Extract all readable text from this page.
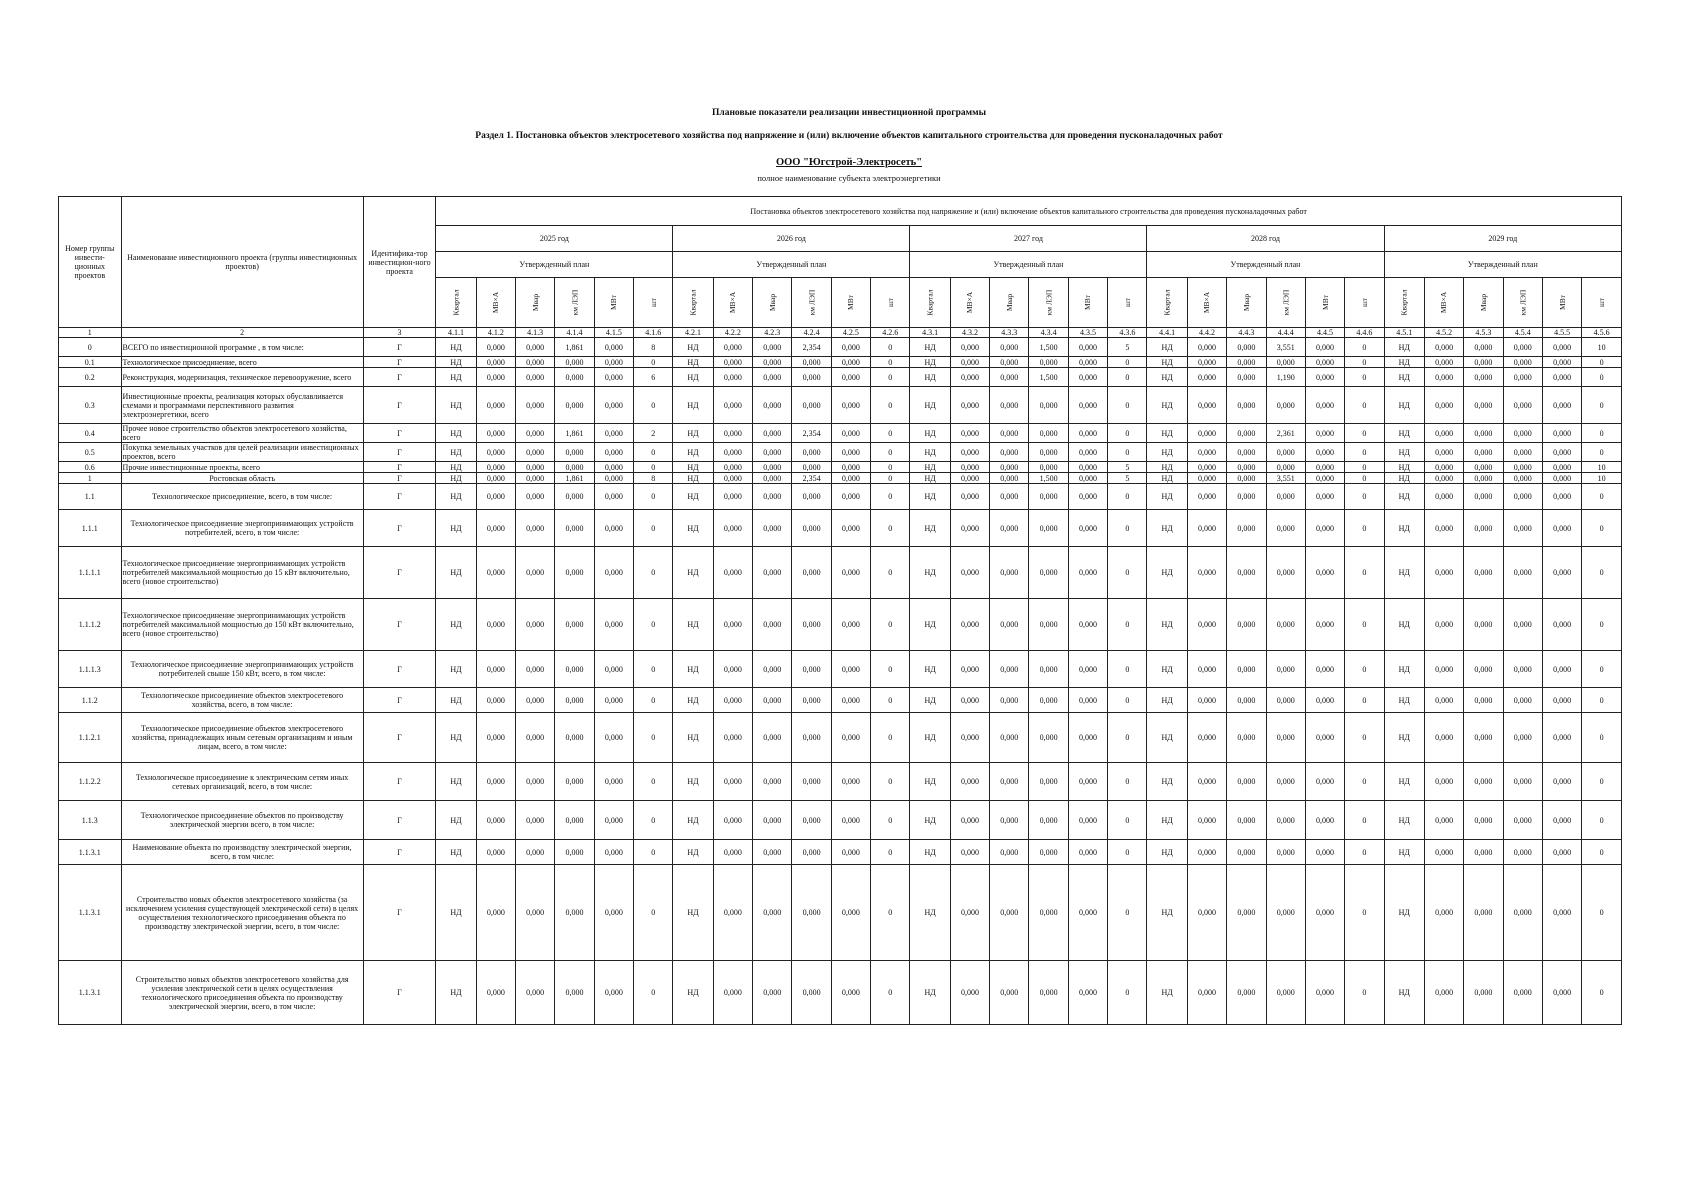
Плановые показатели реализации инвестиционной программы
Раздел 1. Постановка объектов электросетевого хозяйства под напряжение и (или) включение объектов капитального строительства для проведения пусконаладочных работ
ООО "Югстрой-Электросеть"
полное наименование субъекта электроэнергетики
Номер группы инвести-ционных проектов	Наименование инвестиционного проекта (группы инвестиционных проектов)	Идентифика-тор инвестицион-ного проекта	Постановка объектов электросетевого хозяйства под напряжение и (или) включение объектов капитального строительства для проведения пусконаладочных работ																													
			2025 год						2026 год						2027 год						2028 год						2029 год					
			Утвержденный план						Утвержденный план						Утвержденный план						Утвержденный план						Утвержденный план					
			Квартал	МВ×А	Мвар	км ЛЭП	МВт	шт	Квартал	МВ×А	Мвар	км ЛЭП	МВт	шт	Квартал	МВ×А	Мвар	км ЛЭП	МВт	шт	Квартал	МВ×А	Мвар	км ЛЭП	МВт	шт	Квартал	МВ×А	Мвар	км ЛЭП	МВт	шт
1	2	3	4.1.1	4.1.2	4.1.3	4.1.4	4.1.5	4.1.6	4.2.1	4.2.2	4.2.3	4.2.4	4.2.5	4.2.6	4.3.1	4.3.2	4.3.3	4.3.4	4.3.5	4.3.6	4.4.1	4.4.2	4.4.3	4.4.4	4.4.5	4.4.6	4.5.1	4.5.2	4.5.3	4.5.4	4.5.5	4.5.6
0	ВСЕГО по инвестиционной программе , в том числе:	Г	НД	0,000	0,000	1,861	0,000	8	НД	0,000	0,000	2,354	0,000	0	НД	0,000	0,000	1,500	0,000	5	НД	0,000	0,000	3,551	0,000	0	НД	0,000	0,000	0,000	0,000	10
0.1	Технологическое присоединение, всего	Г	НД	0,000	0,000	0,000	0,000	0	НД	0,000	0,000	0,000	0,000	0	НД	0,000	0,000	0,000	0,000	0	НД	0,000	0,000	0,000	0,000	0	НД	0,000	0,000	0,000	0,000	0
0.2	Реконструкция, модернизация, техническое перевооружение, всего	Г	НД	0,000	0,000	0,000	0,000	6	НД	0,000	0,000	0,000	0,000	0	НД	0,000	0,000	1,500	0,000	0	НД	0,000	0,000	1,190	0,000	0	НД	0,000	0,000	0,000	0,000	0
0.3	Инвестиционные проекты, реализация которых обуславливается схемами и программами перспективного развития электроэнергетики, всего	Г	НД	0,000	0,000	0,000	0,000	0	НД	0,000	0,000	0,000	0,000	0	НД	0,000	0,000	0,000	0,000	0	НД	0,000	0,000	0,000	0,000	0	НД	0,000	0,000	0,000	0,000	0
0.4	Прочее новое строительство объектов электросетевого хозяйства, всего	Г	НД	0,000	0,000	1,861	0,000	2	НД	0,000	0,000	2,354	0,000	0	НД	0,000	0,000	0,000	0,000	0	НД	0,000	0,000	2,361	0,000	0	НД	0,000	0,000	0,000	0,000	0
0.5	Покупка земельных участков для целей реализации инвестиционных проектов, всего	Г	НД	0,000	0,000	0,000	0,000	0	НД	0,000	0,000	0,000	0,000	0	НД	0,000	0,000	0,000	0,000	0	НД	0,000	0,000	0,000	0,000	0	НД	0,000	0,000	0,000	0,000	0
0.6	Прочие инвестиционные проекты, всего	Г	НД	0,000	0,000	0,000	0,000	0	НД	0,000	0,000	0,000	0,000	0	НД	0,000	0,000	0,000	0,000	5	НД	0,000	0,000	0,000	0,000	0	НД	0,000	0,000	0,000	0,000	10
1	Ростовская область	Г	НД	0,000	0,000	1,861	0,000	8	НД	0,000	0,000	2,354	0,000	0	НД	0,000	0,000	1,500	0,000	5	НД	0,000	0,000	3,551	0,000	0	НД	0,000	0,000	0,000	0,000	10
1.1	Технологическое присоединение, всего, в том числе:	Г	НД	0,000	0,000	0,000	0,000	0	НД	0,000	0,000	0,000	0,000	0	НД	0,000	0,000	0,000	0,000	0	НД	0,000	0,000	0,000	0,000	0	НД	0,000	0,000	0,000	0,000	0
1.1.1	Технологическое присоединение энергопринимающих устройств потребителей, всего, в том числе:	Г	НД	0,000	0,000	0,000	0,000	0	НД	0,000	0,000	0,000	0,000	0	НД	0,000	0,000	0,000	0,000	0	НД	0,000	0,000	0,000	0,000	0	НД	0,000	0,000	0,000	0,000	0
1.1.1.1	Технологическое присоединение энергопринимающих устройств потребителей максимальной мощностью до 15 кВт включительно, всего (новое строительство)	Г	НД	0,000	0,000	0,000	0,000	0	НД	0,000	0,000	0,000	0,000	0	НД	0,000	0,000	0,000	0,000	0	НД	0,000	0,000	0,000	0,000	0	НД	0,000	0,000	0,000	0,000	0
1.1.1.2	Технологическое присоединение энергопринимающих устройств потребителей максимальной мощностью до 150 кВт включительно, всего (новое строительство)	Г	НД	0,000	0,000	0,000	0,000	0	НД	0,000	0,000	0,000	0,000	0	НД	0,000	0,000	0,000	0,000	0	НД	0,000	0,000	0,000	0,000	0	НД	0,000	0,000	0,000	0,000	0
1.1.1.3	Технологическое присоединение энергопринимающих устройств потребителей свыше 150 кВт, всего, в том числе:	Г	НД	0,000	0,000	0,000	0,000	0	НД	0,000	0,000	0,000	0,000	0	НД	0,000	0,000	0,000	0,000	0	НД	0,000	0,000	0,000	0,000	0	НД	0,000	0,000	0,000	0,000	0
1.1.2	Технологическое присоединение объектов электросетевого хозяйства, всего, в том числе:	Г	НД	0,000	0,000	0,000	0,000	0	НД	0,000	0,000	0,000	0,000	0	НД	0,000	0,000	0,000	0,000	0	НД	0,000	0,000	0,000	0,000	0	НД	0,000	0,000	0,000	0,000	0
1.1.2.1	Технологическое присоединение объектов электросетевого хозяйства, принадлежащих иным сетевым организациям и иным лицам, всего, в том числе:	Г	НД	0,000	0,000	0,000	0,000	0	НД	0,000	0,000	0,000	0,000	0	НД	0,000	0,000	0,000	0,000	0	НД	0,000	0,000	0,000	0,000	0	НД	0,000	0,000	0,000	0,000	0
1.1.2.2	Технологическое присоединение к электрическим сетям иных сетевых организаций, всего, в том числе:	Г	НД	0,000	0,000	0,000	0,000	0	НД	0,000	0,000	0,000	0,000	0	НД	0,000	0,000	0,000	0,000	0	НД	0,000	0,000	0,000	0,000	0	НД	0,000	0,000	0,000	0,000	0
1.1.3	Технологическое присоединение объектов по производству электрической энергии всего, в том числе:	Г	НД	0,000	0,000	0,000	0,000	0	НД	0,000	0,000	0,000	0,000	0	НД	0,000	0,000	0,000	0,000	0	НД	0,000	0,000	0,000	0,000	0	НД	0,000	0,000	0,000	0,000	0
1.1.3.1	Наименование объекта по производству электрической энергии, всего, в том числе:	Г	НД	0,000	0,000	0,000	0,000	0	НД	0,000	0,000	0,000	0,000	0	НД	0,000	0,000	0,000	0,000	0	НД	0,000	0,000	0,000	0,000	0	НД	0,000	0,000	0,000	0,000	0
1.1.3.1	Строительство новых объектов электросетевого хозяйства (за исключением усиления существующей электрической сети) в целях осуществления технологического присоединения объекта по производству электрической энергии, всего, в том числе:	Г	НД	0,000	0,000	0,000	0,000	0	НД	0,000	0,000	0,000	0,000	0	НД	0,000	0,000	0,000	0,000	0	НД	0,000	0,000	0,000	0,000	0	НД	0,000	0,000	0,000	0,000	0
1.1.3.1	Строительство новых объектов электросетевого хозяйства для усиления электрической сети в целях осуществления технологического присоединения объекта по производству электрической энергии, всего, в том числе:	Г	НД	0,000	0,000	0,000	0,000	0	НД	0,000	0,000	0,000	0,000	0	НД	0,000	0,000	0,000	0,000	0	НД	0,000	0,000	0,000	0,000	0	НД	0,000	0,000	0,000	0,000	0
